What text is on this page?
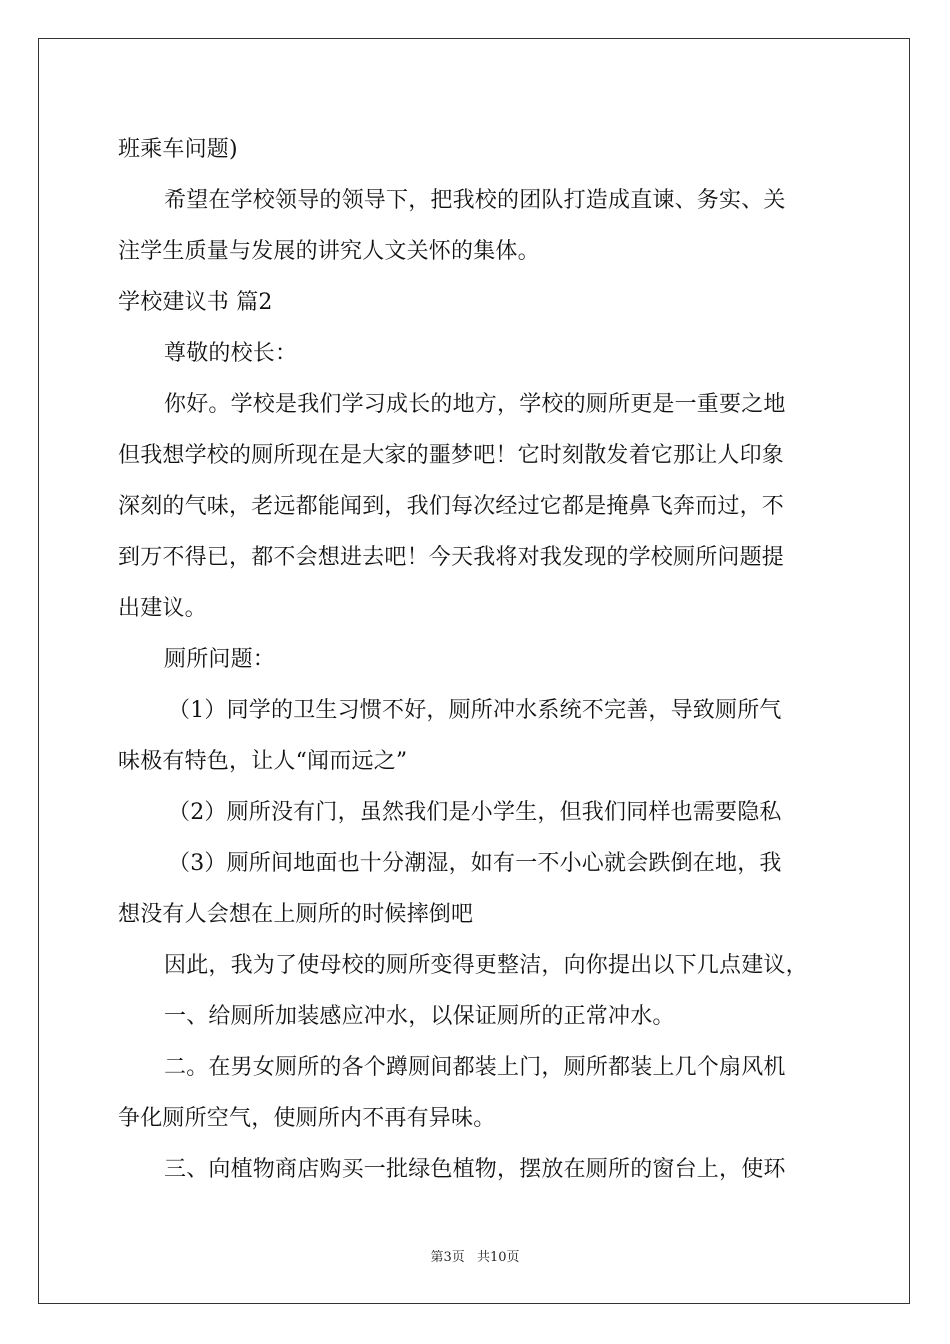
班乘车问题)
希望在学校领导的领导下，把我校的团队打造成直谏、务实、关
注学生质量与发展的讲究人文关怀的集体。
学校建议书 篇2
尊敬的校长：
你好。学校是我们学习成长的地方，学校的厕所更是一重要之地
但我想学校的厕所现在是大家的噩梦吧！它时刻散发着它那让人印象
深刻的气味，老远都能闻到，我们每次经过它都是掩鼻飞奔而过，不
到万不得已，都不会想进去吧！今天我将对我发现的学校厕所问题提
出建议。
厕所问题：
（1）同学的卫生习惯不好，厕所冲水系统不完善，导致厕所气
味极有特色，让人“闻而远之”
（2）厕所没有门，虽然我们是小学生，但我们同样也需要隐私
（3）厕所间地面也十分潮湿，如有一不小心就会跌倒在地，我
想没有人会想在上厕所的时候摔倒吧
因此，我为了使母校的厕所变得更整洁，向你提出以下几点建议，
一、给厕所加装感应冲水，以保证厕所的正常冲水。
二。在男女厕所的各个蹲厕间都装上门，厕所都装上几个扇风机
争化厕所空气，使厕所内不再有异味。
三、向植物商店购买一批绿色植物，摆放在厕所的窗台上，使环
第3页 共10页
